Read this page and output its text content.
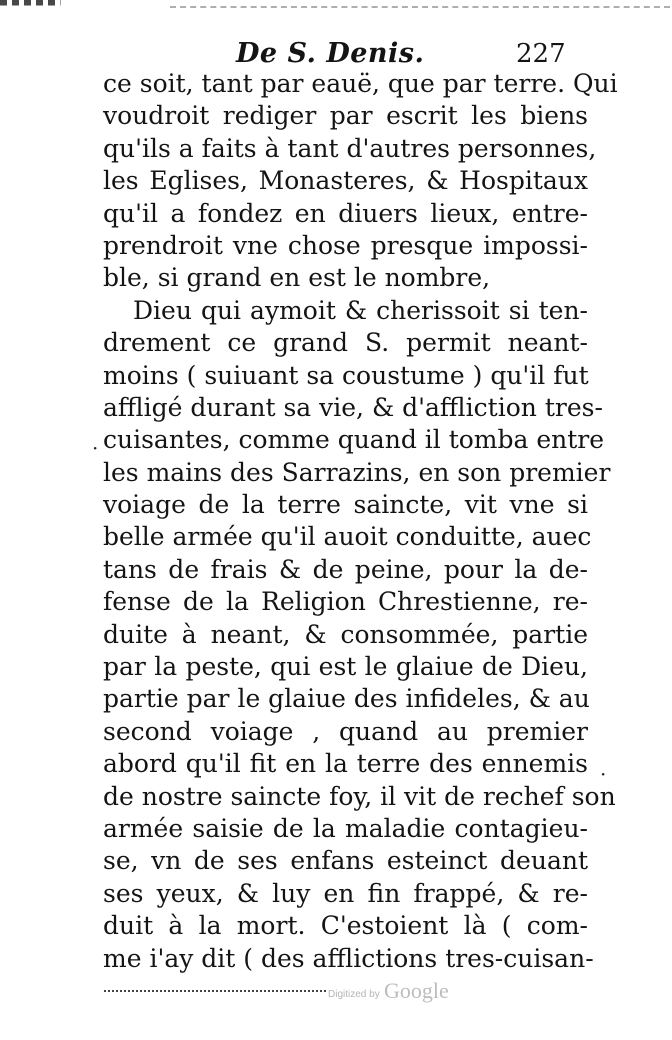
De S. Denis.	227
ce soit, tant par eauë, que par terre. Qui
voudroit rediger par escrit les biens
qu'ils a faits à tant d'autres personnes,
les Eglises, Monasteres, & Hospitaux
qu'il a fondez en diuers lieux, entre-
prendroit vne chose presque impossi-
ble, si grand en est le nombre,
Dieu qui aymoit & cherissoit si ten-
drement ce grand S. permit neant-
moins ( suiuant sa coustume ) qu'il fut
affligé durant sa vie, & d'affliction tres-
cuisantes, comme quand il tomba entre
les mains des Sarrazins, en son premier
voiage de la terre saincte, vit vne si
belle armée qu'il auoit conduitte, auec
tans de frais & de peine, pour la de-
fense de la Religion Chrestienne, re-
duite à neant, & consommée, partie
par la peste, qui est le glaiue de Dieu,
partie par le glaiue des infideles, & au
second voiage , quand au premier
abord qu'il fit en la terre des ennemis
de nostre saincte foy, il vit de rechef son
armée saisie de la maladie contagieu-
se, vn de ses enfans esteinct deuant
ses yeux, & luy en fin frappé, & re-
duit à la mort. C'estoient là ( com-
me i'ay dit ( des afflictions tres-cuisan-
·
·
Digitized by Google
